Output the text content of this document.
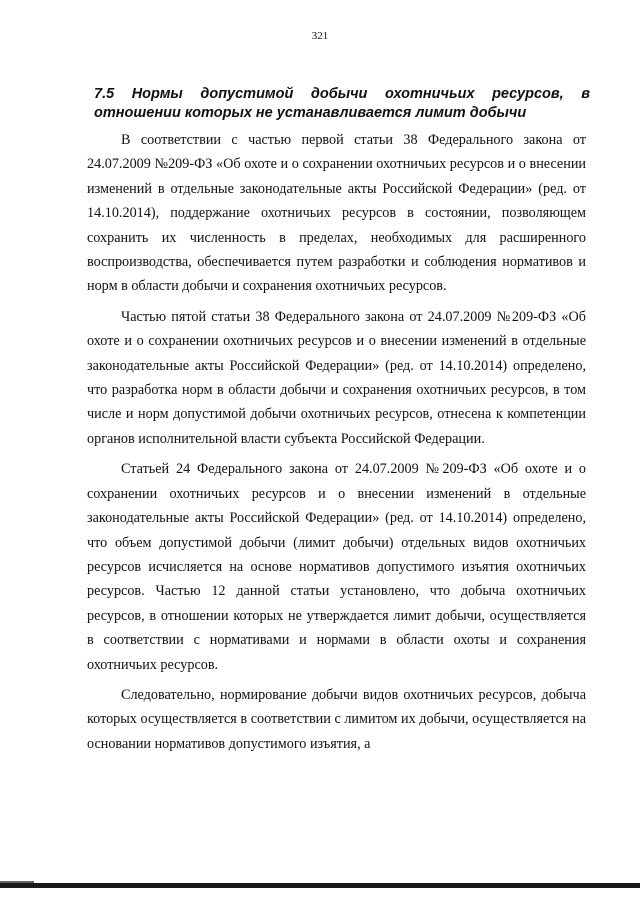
321
7.5 Нормы допустимой добычи охотничьих ресурсов, в отношении которых не устанавливается лимит добычи

В соответствии с частью первой статьи 38 Федерального закона от 24.07.2009 №209-ФЗ «Об охоте и о сохранении охотничьих ресурсов и о внесении изменений в отдельные законодательные акты Российской Федерации» (ред. от 14.10.2014), поддержание охотничьих ресурсов в состоянии, позволяющем сохранить их численность в пределах, необходимых для расширенного воспроизводства, обеспечивается путем разработки и соблюдения нормативов и норм в области добычи и сохранения охотничьих ресурсов.

Частью пятой статьи 38 Федерального закона от 24.07.2009 №209-ФЗ «Об охоте и о сохранении охотничьих ресурсов и о внесении изменений в отдельные законодательные акты Российской Федерации» (ред. от 14.10.2014) определено, что разработка норм в области добычи и сохранения охотничьих ресурсов, в том числе и норм допустимой добычи охотничьих ресурсов, отнесена к компетенции органов исполнительной власти субъекта Российской Федерации.

Статьей 24 Федерального закона от 24.07.2009 №209-ФЗ «Об охоте и о сохранении охотничьих ресурсов и о внесении изменений в отдельные законодательные акты Российской Федерации» (ред. от 14.10.2014) определено, что объем допустимой добычи (лимит добычи) отдельных видов охотничьих ресурсов исчисляется на основе нормативов допустимого изъятия охотничьих ресурсов. Частью 12 данной статьи установлено, что добыча охотничьих ресурсов, в отношении которых не утверждается лимит добычи, осуществляется в соответствии с нормативами и нормами в области охоты и сохранения охотничьих ресурсов.

Следовательно, нормирование добычи видов охотничьих ресурсов, добыча которых осуществляется в соответствии с лимитом их добычи, осуществляется на основании нормативов допустимого изъятия, а
